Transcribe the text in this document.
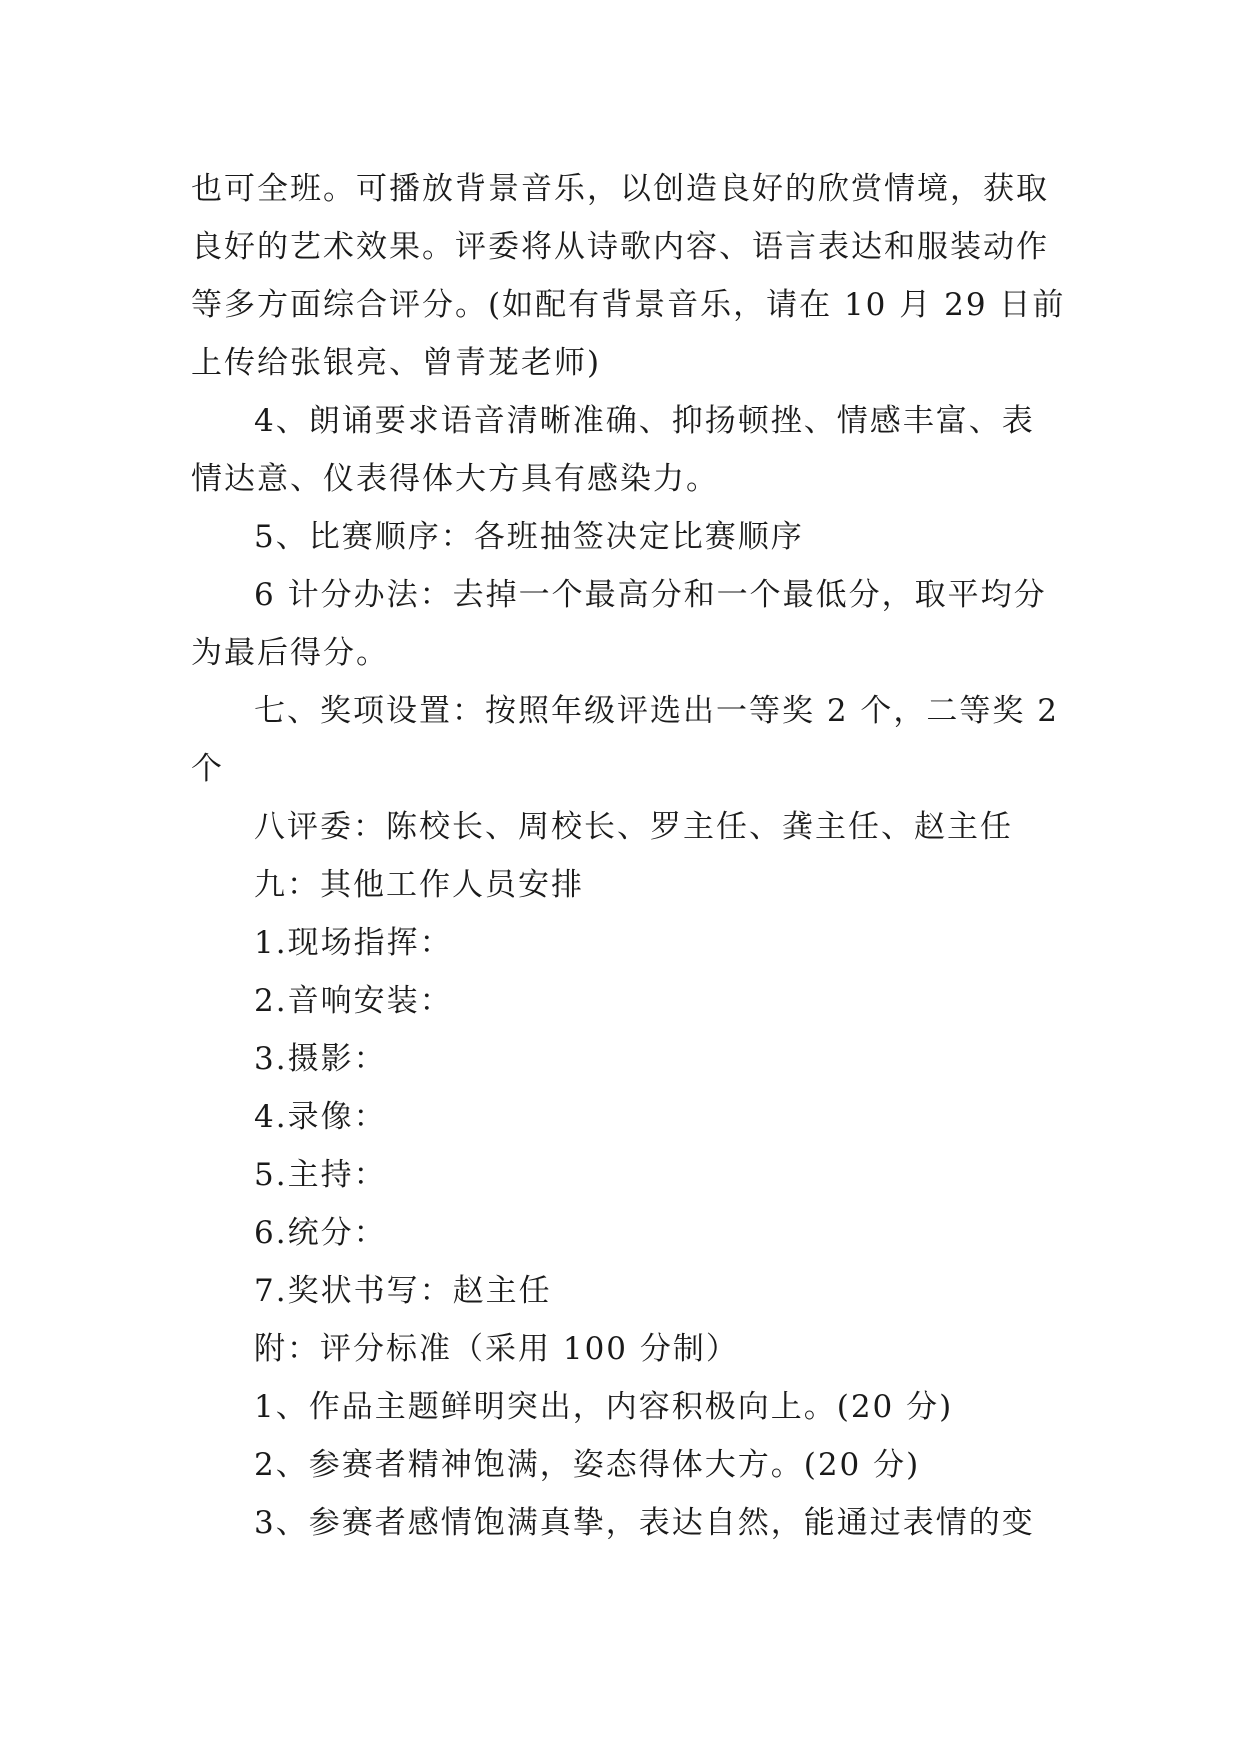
也可全班。可播放背景音乐，以创造良好的欣赏情境，获取
良好的艺术效果。评委将从诗歌内容、语言表达和服装动作
等多方面综合评分。(如配有背景音乐，请在 10 月 29 日前
上传给张银亮、曾青茏老师)
4、朗诵要求语音清晰准确、抑扬顿挫、情感丰富、表
情达意、仪表得体大方具有感染力。
5、比赛顺序：各班抽签决定比赛顺序
6 计分办法：去掉一个最高分和一个最低分，取平均分
为最后得分。
七、奖项设置：按照年级评选出一等奖 2 个，二等奖 2
个
八评委：陈校长、周校长、罗主任、龚主任、赵主任
九：其他工作人员安排
1.现场指挥：
2.音响安装：
3.摄影：
4.录像：
5.主持：
6.统分：
7.奖状书写：赵主任
附：评分标准（采用 100 分制）
1、作品主题鲜明突出，内容积极向上。(20 分)
2、参赛者精神饱满，姿态得体大方。(20 分)
3、参赛者感情饱满真挚，表达自然，能通过表情的变
